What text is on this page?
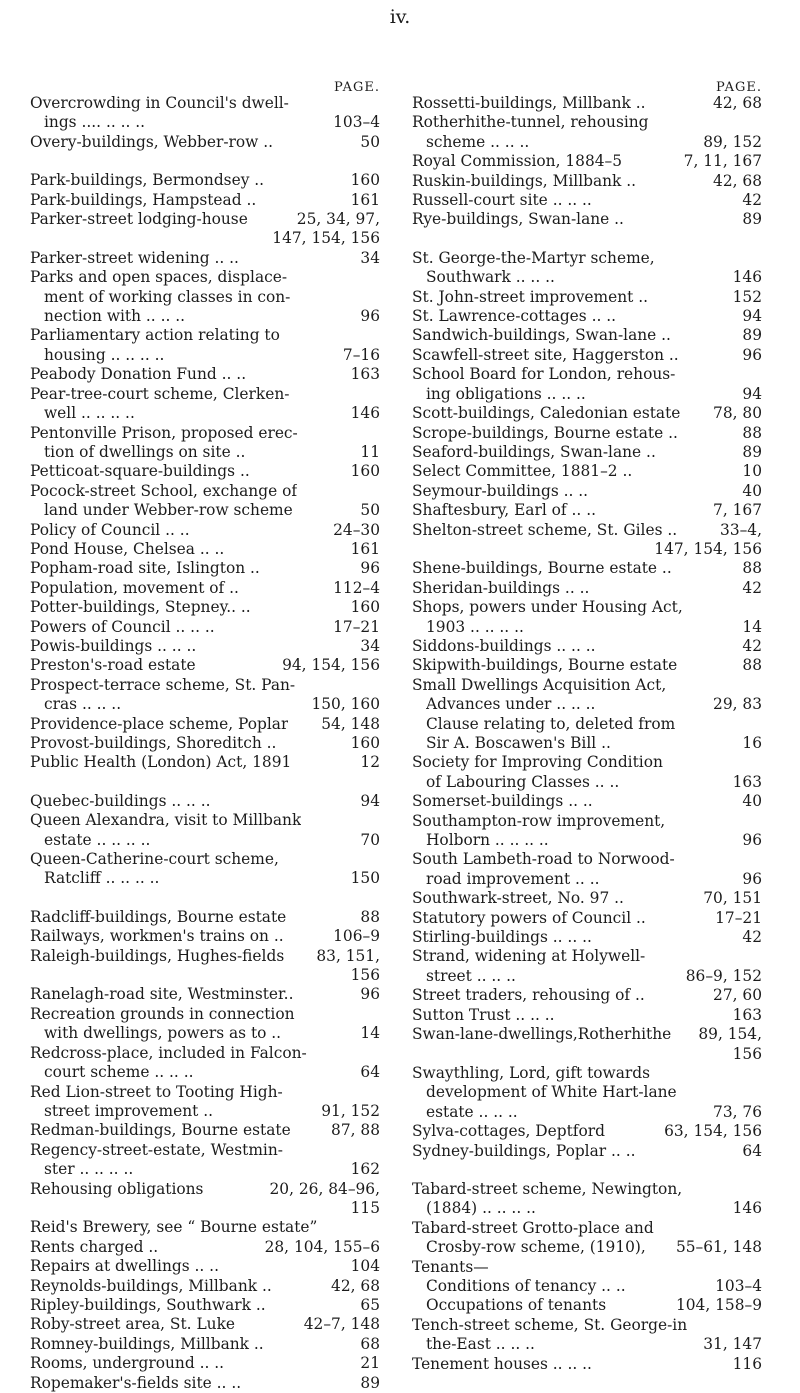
iv.
PAGE.
Overcrowding in Council's dwell-
ings .... .. .. ..	103–4
Overy-buildings, Webber-row ..	50
Park-buildings, Bermondsey ..	160
Park-buildings, Hampstead ..	161
Parker-street lodging-house	25, 34, 97,
147, 154, 156
Parker-street widening .. ..	34
Parks and open spaces, displace-
ment of working classes in con-
nection with .. .. ..	96
Parliamentary action relating to
housing .. .. .. ..	7–16
Peabody Donation Fund .. ..	163
Pear-tree-court scheme, Clerken-
well .. .. .. ..	146
Pentonville Prison, proposed erec-
tion of dwellings on site ..	11
Petticoat-square-buildings ..	160
Pocock-street School, exchange of
land under Webber-row scheme	50
Policy of Council .. ..	24–30
Pond House, Chelsea .. ..	161
Popham-road site, Islington ..	96
Population, movement of ..	112–4
Potter-buildings, Stepney.. ..	160
Powers of Council .. .. ..	17–21
Powis-buildings .. .. ..	34
Preston's-road estate	94, 154, 156
Prospect-terrace scheme, St. Pan-
cras .. .. ..	150, 160
Providence-place scheme, Poplar	54, 148
Provost-buildings, Shoreditch ..	160
Public Health (London) Act, 1891	12
Quebec-buildings .. .. ..	94
Queen Alexandra, visit to Millbank
estate .. .. .. ..	70
Queen-Catherine-court scheme,
Ratcliff .. .. .. ..	150
Radcliff-buildings, Bourne estate	88
Railways, workmen's trains on ..	106–9
Raleigh-buildings, Hughes-fields	83, 151,
156
Ranelagh-road site, Westminster..	96
Recreation grounds in connection
with dwellings, powers as to ..	14
Redcross-place, included in Falcon-
court scheme .. .. ..	64
Red Lion-street to Tooting High-
street improvement ..	91, 152
Redman-buildings, Bourne estate	87, 88
Regency-street-estate, Westmin-
ster .. .. .. ..	162
Rehousing obligations	20, 26, 84–96,
115
Reid's Brewery, see “ Bourne estate”
Rents charged ..	28, 104, 155–6
Repairs at dwellings .. ..	104
Reynolds-buildings, Millbank ..	42, 68
Ripley-buildings, Southwark ..	65
Roby-street area, St. Luke	42–7, 148
Romney-buildings, Millbank ..	68
Rooms, underground .. ..	21
Ropemaker's-fields site .. ..	89
PAGE.
Rossetti-buildings, Millbank ..	42, 68
Rotherhithe-tunnel, rehousing
scheme .. .. ..	89, 152
Royal Commission, 1884–5	7, 11, 167
Ruskin-buildings, Millbank ..	42, 68
Russell-court site .. .. ..	42
Rye-buildings, Swan-lane ..	89
St. George-the-Martyr scheme,
Southwark .. .. ..	146
St. John-street improvement ..	152
St. Lawrence-cottages .. ..	94
Sandwich-buildings, Swan-lane ..	89
Scawfell-street site, Haggerston ..	96
School Board for London, rehous-
ing obligations .. .. ..	94
Scott-buildings, Caledonian estate	78, 80
Scrope-buildings, Bourne estate ..	88
Seaford-buildings, Swan-lane ..	89
Select Committee, 1881–2 ..	10
Seymour-buildings .. ..	40
Shaftesbury, Earl of .. ..	7, 167
Shelton-street scheme, St. Giles ..	33–4,
147, 154, 156
Shene-buildings, Bourne estate ..	88
Sheridan-buildings .. ..	42
Shops, powers under Housing Act,
1903 .. .. .. ..	14
Siddons-buildings .. .. ..	42
Skipwith-buildings, Bourne estate	88
Small Dwellings Acquisition Act,
Advances under .. .. ..	29, 83
Clause relating to, deleted from
Sir A. Boscawen's Bill ..	16
Society for Improving Condition
of Labouring Classes .. ..	163
Somerset-buildings .. ..	40
Southampton-row improvement,
Holborn .. .. .. ..	96
South Lambeth-road to Norwood-
road improvement .. ..	96
Southwark-street, No. 97 ..	70, 151
Statutory powers of Council ..	17–21
Stirling-buildings .. .. ..	42
Strand, widening at Holywell-
street .. .. ..	86–9, 152
Street traders, rehousing of ..	27, 60
Sutton Trust .. .. ..	163
Swan-lane-dwellings,Rotherhithe	89, 154,
156
Swaythling, Lord, gift towards
development of White Hart-lane
estate .. .. ..	73, 76
Sylva-cottages, Deptford	63, 154, 156
Sydney-buildings, Poplar .. ..	64
Tabard-street scheme, Newington,
(1884) .. .. .. ..	146
Tabard-street Grotto-place and
Crosby-row scheme, (1910),	55–61, 148
Tenants—
Conditions of tenancy .. ..	103–4
Occupations of tenants	104, 158–9
Tench-street scheme, St. George-in
the-East .. .. ..	31, 147
Tenement houses .. .. ..	116
